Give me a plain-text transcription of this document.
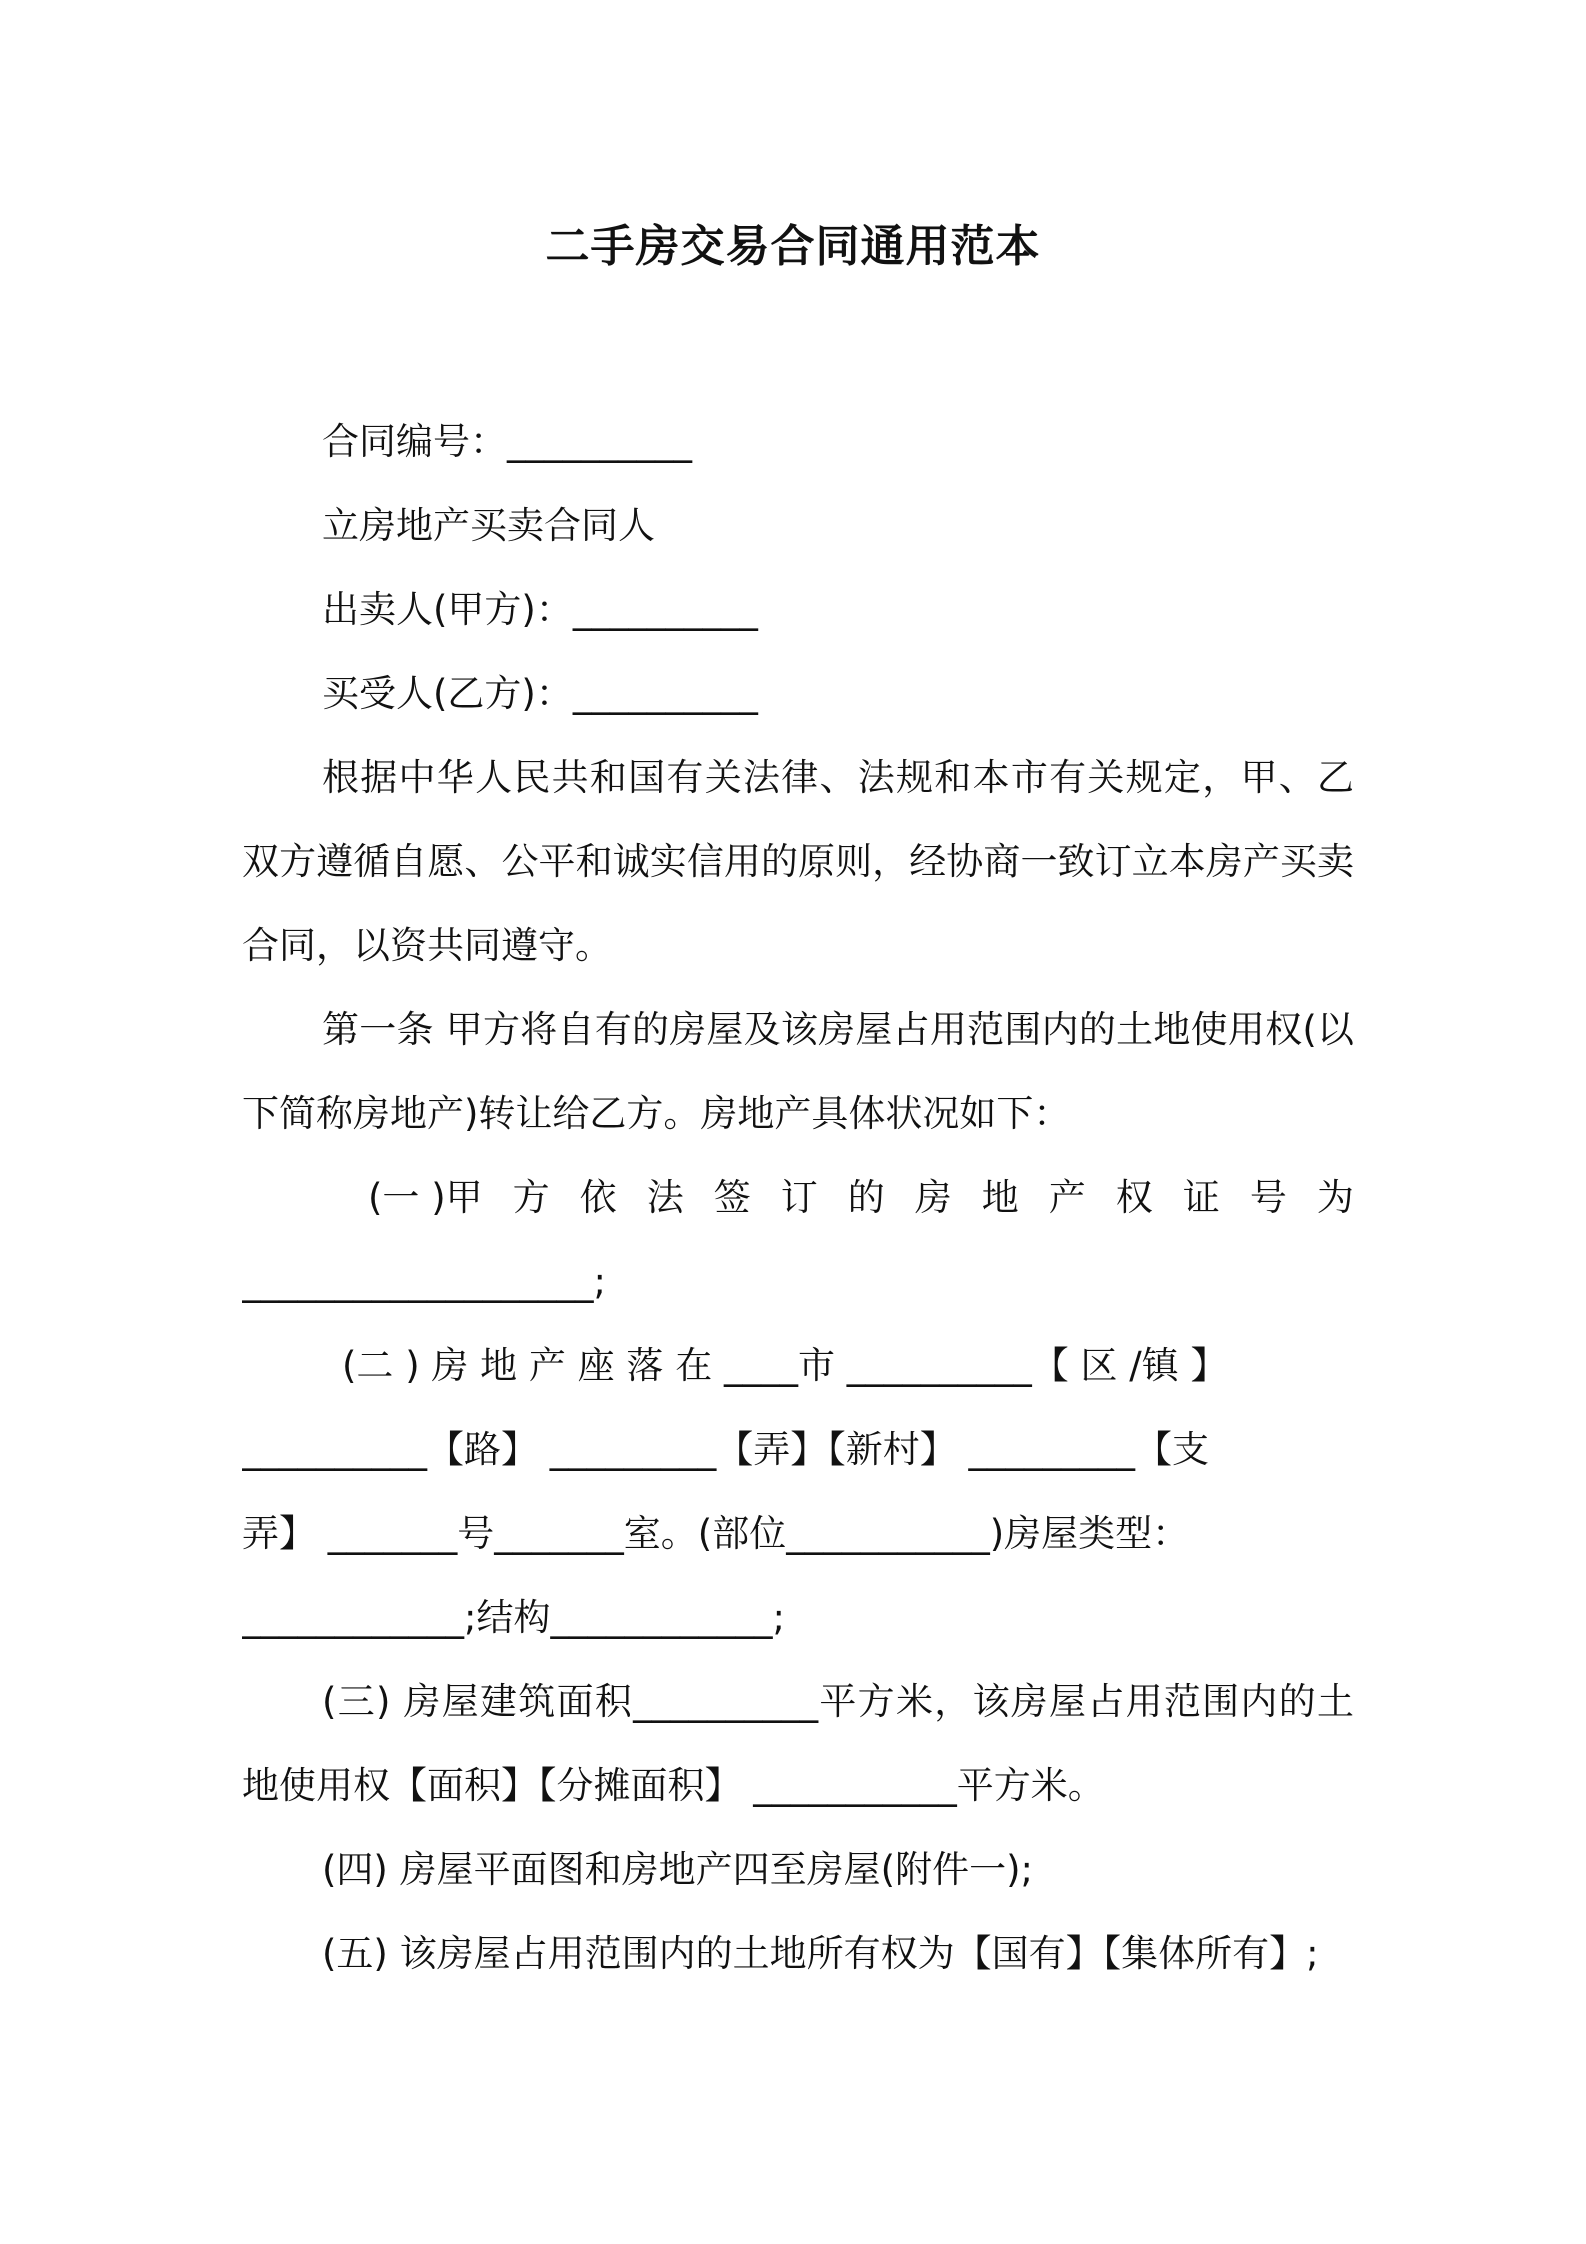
二手房交易合同通用范本
合同编号：__________
立房地产买卖合同人
出卖人(甲方)：__________
买受人(乙方)：__________
根据中华人民共和国有关法律、法规和本市有关规定，甲、乙双方遵循自愿、公平和诚实信用的原则，经协商一致订立本房产买卖合同，以资共同遵守。
第一条 甲方将自有的房屋及该房屋占用范围内的土地使用权(以下简称房地产)转让给乙方。房地产具体状况如下：
(一 )甲 方 依 法 签 订 的 房 地 产 权 证 号 为
___________________;
(二 ) 房 地 产 座 落 在 ____市 __________【 区 /镇 】
__________【路】 _________【弄】【新村】 _________【支
弄】 _______号_______室。(部位___________)房屋类型：
____________;结构____________;
(三) 房屋建筑面积__________平方米，该房屋占用范围内的土地使用权【面积】【分摊面积】 ___________平方米。
(四) 房屋平面图和房地产四至房屋(附件一);
(五) 该房屋占用范围内的土地所有权为【国有】【集体所有】;
